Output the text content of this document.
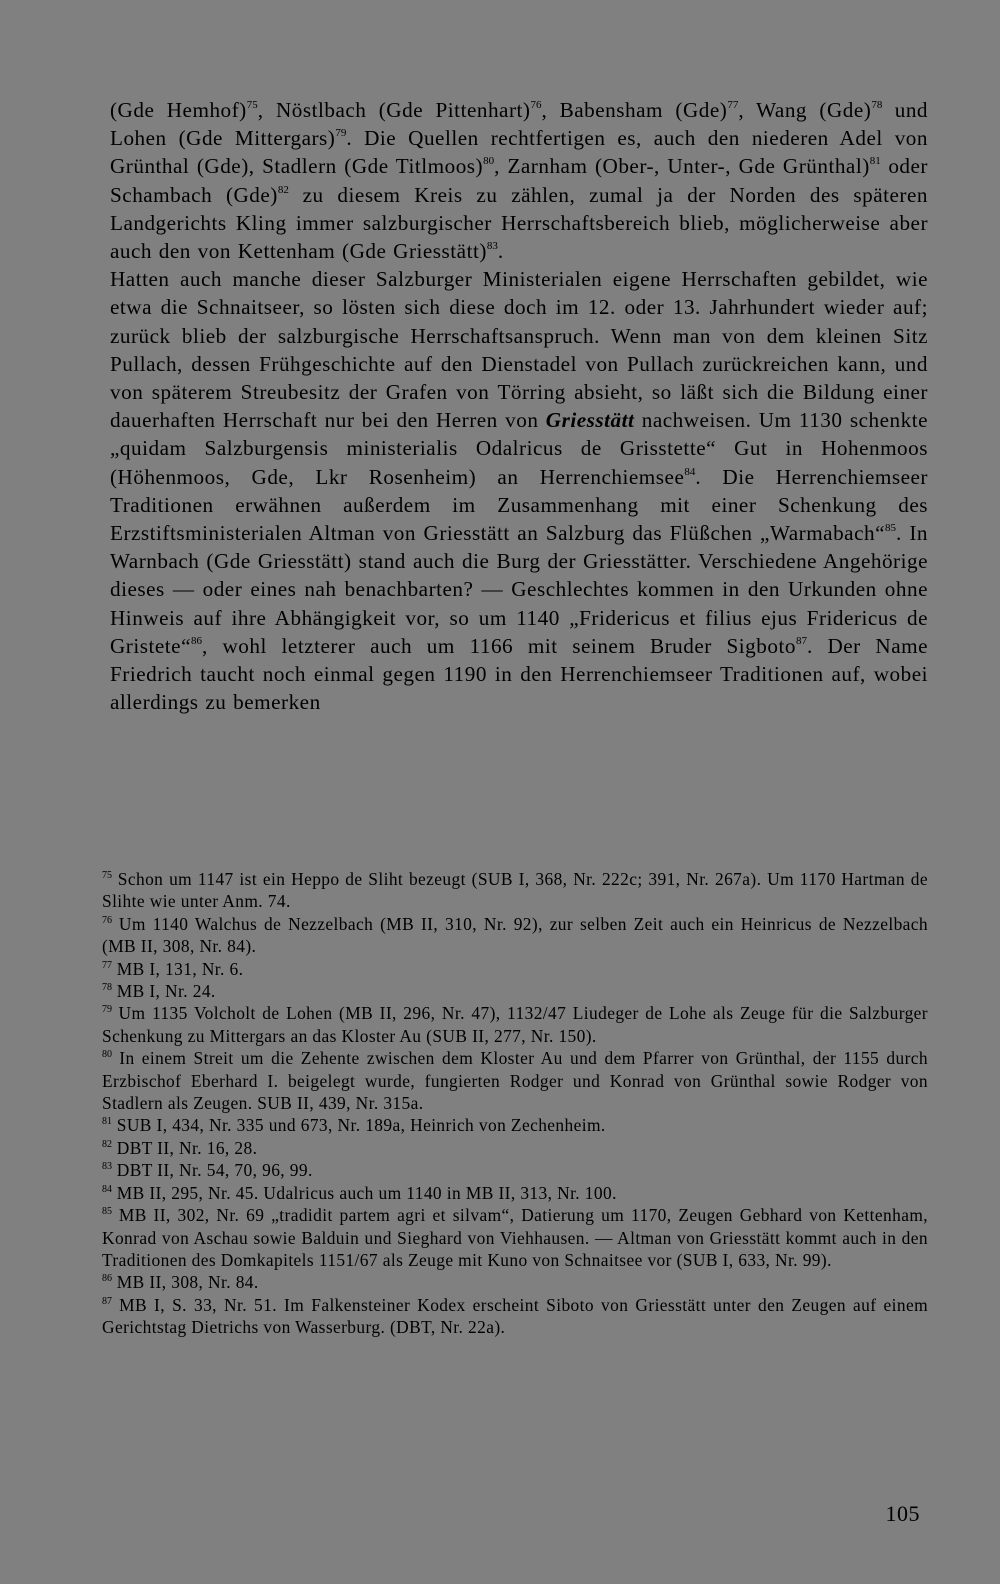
(Gde Hemhof)$^{75}$, Nöstlbach (Gde Pittenhart)$^{76}$, Babensham (Gde)$^{77}$, Wang (Gde)$^{78}$ und Lohen (Gde Mittergars)$^{79}$. Die Quellen rechtfertigen es, auch den niederen Adel von Grünthal (Gde), Stadlern (Gde Titlmoos)$^{80}$, Zarnham (Ober-, Unter-, Gde Grünthal)$^{81}$ oder Schambach (Gde)$^{82}$ zu diesem Kreis zu zählen, zumal ja der Norden des späteren Landgerichts Kling immer salzburgischer Herrschaftsbereich blieb, möglicherweise aber auch den von Kettenham (Gde Griesstätt)$^{83}$.

Hatten auch manche dieser Salzburger Ministerialen eigene Herrschaften gebildet, wie etwa die Schnaitseer, so lösten sich diese doch im 12. oder 13. Jahrhundert wieder auf; zurück blieb der salzburgische Herrschaftsanspruch. Wenn man von dem kleinen Sitz Pullach, dessen Frühgeschichte auf den Dienstadel von Pullach zurückreichen kann, und von späterem Streubesitz der Grafen von Törring absieht, so läßt sich die Bildung einer dauerhaften Herrschaft nur bei den Herren von Griesstätt nachweisen. Um 1130 schenkte „quidam Salzburgensis ministerialis Odalricus de Grisstette“ Gut in Hohenmoos (Höhenmoos, Gde, Lkr Rosenheim) an Herrenchiemsee$^{84}$. Die Herrenchiemseer Traditionen erwähnen außerdem im Zusammenhang mit einer Schenkung des Erzstiftsministerialen Altman von Griesstätt an Salzburg das Flüßchen „Warmabach“$^{85}$. In Warnbach (Gde Griesstätt) stand auch die Burg der Griesstätter. Verschiedene Angehörige dieses — oder eines nah benachbarten? — Geschlechtes kommen in den Urkunden ohne Hinweis auf ihre Abhängigkeit vor, so um 1140 „Fridericus et filius ejus Fridericus de Gristete“$^{86}$, wohl letzterer auch um 1166 mit seinem Bruder Sigboto$^{87}$. Der Name Friedrich taucht noch einmal gegen 1190 in den Herrenchiemseer Traditionen auf, wobei allerdings zu bemerken

$^{75}$ Schon um 1147 ist ein Heppo de Sliht bezeugt (SUB I, 368, Nr. 222c; 391, Nr. 267a). Um 1170 Hartman de Slihte wie unter Anm. 74.

$^{76}$ Um 1140 Walchus de Nezzelbach (MB II, 310, Nr. 92), zur selben Zeit auch ein Heinricus de Nezzelbach (MB II, 308, Nr. 84).

$^{77}$ MB I, 131, Nr. 6.

$^{78}$ MB I, Nr. 24.

$^{79}$ Um 1135 Volcholt de Lohen (MB II, 296, Nr. 47), 1132/47 Liudeger de Lohe als Zeuge für die Salzburger Schenkung zu Mittergars an das Kloster Au (SUB II, 277, Nr. 150).

$^{80}$ In einem Streit um die Zehente zwischen dem Kloster Au und dem Pfarrer von Grünthal, der 1155 durch Erzbischof Eberhard I. beigelegt wurde, fungierten Rodger und Konrad von Grünthal sowie Rodger von Stadlern als Zeugen. SUB II, 439, Nr. 315a.

$^{81}$ SUB I, 434, Nr. 335 und 673, Nr. 189a, Heinrich von Zechenheim.

$^{82}$ DBT II, Nr. 16, 28.

$^{83}$ DBT II, Nr. 54, 70, 96, 99.

$^{84}$ MB II, 295, Nr. 45. Udalricus auch um 1140 in MB II, 313, Nr. 100.

$^{85}$ MB II, 302, Nr. 69 „tradidit partem agri et silvam“, Datierung um 1170, Zeugen Gebhard von Kettenham, Konrad von Aschau sowie Balduin und Sieghard von Viehhausen. — Altman von Griesstätt kommt auch in den Traditionen des Domkapitels 1151/67 als Zeuge mit Kuno von Schnaitsee vor (SUB I, 633, Nr. 99).

$^{86}$ MB II, 308, Nr. 84.

$^{87}$ MB I, S. 33, Nr. 51. Im Falkensteiner Kodex erscheint Siboto von Griesstätt unter den Zeugen auf einem Gerichtstag Dietrichs von Wasserburg. (DBT, Nr. 22a).

105
